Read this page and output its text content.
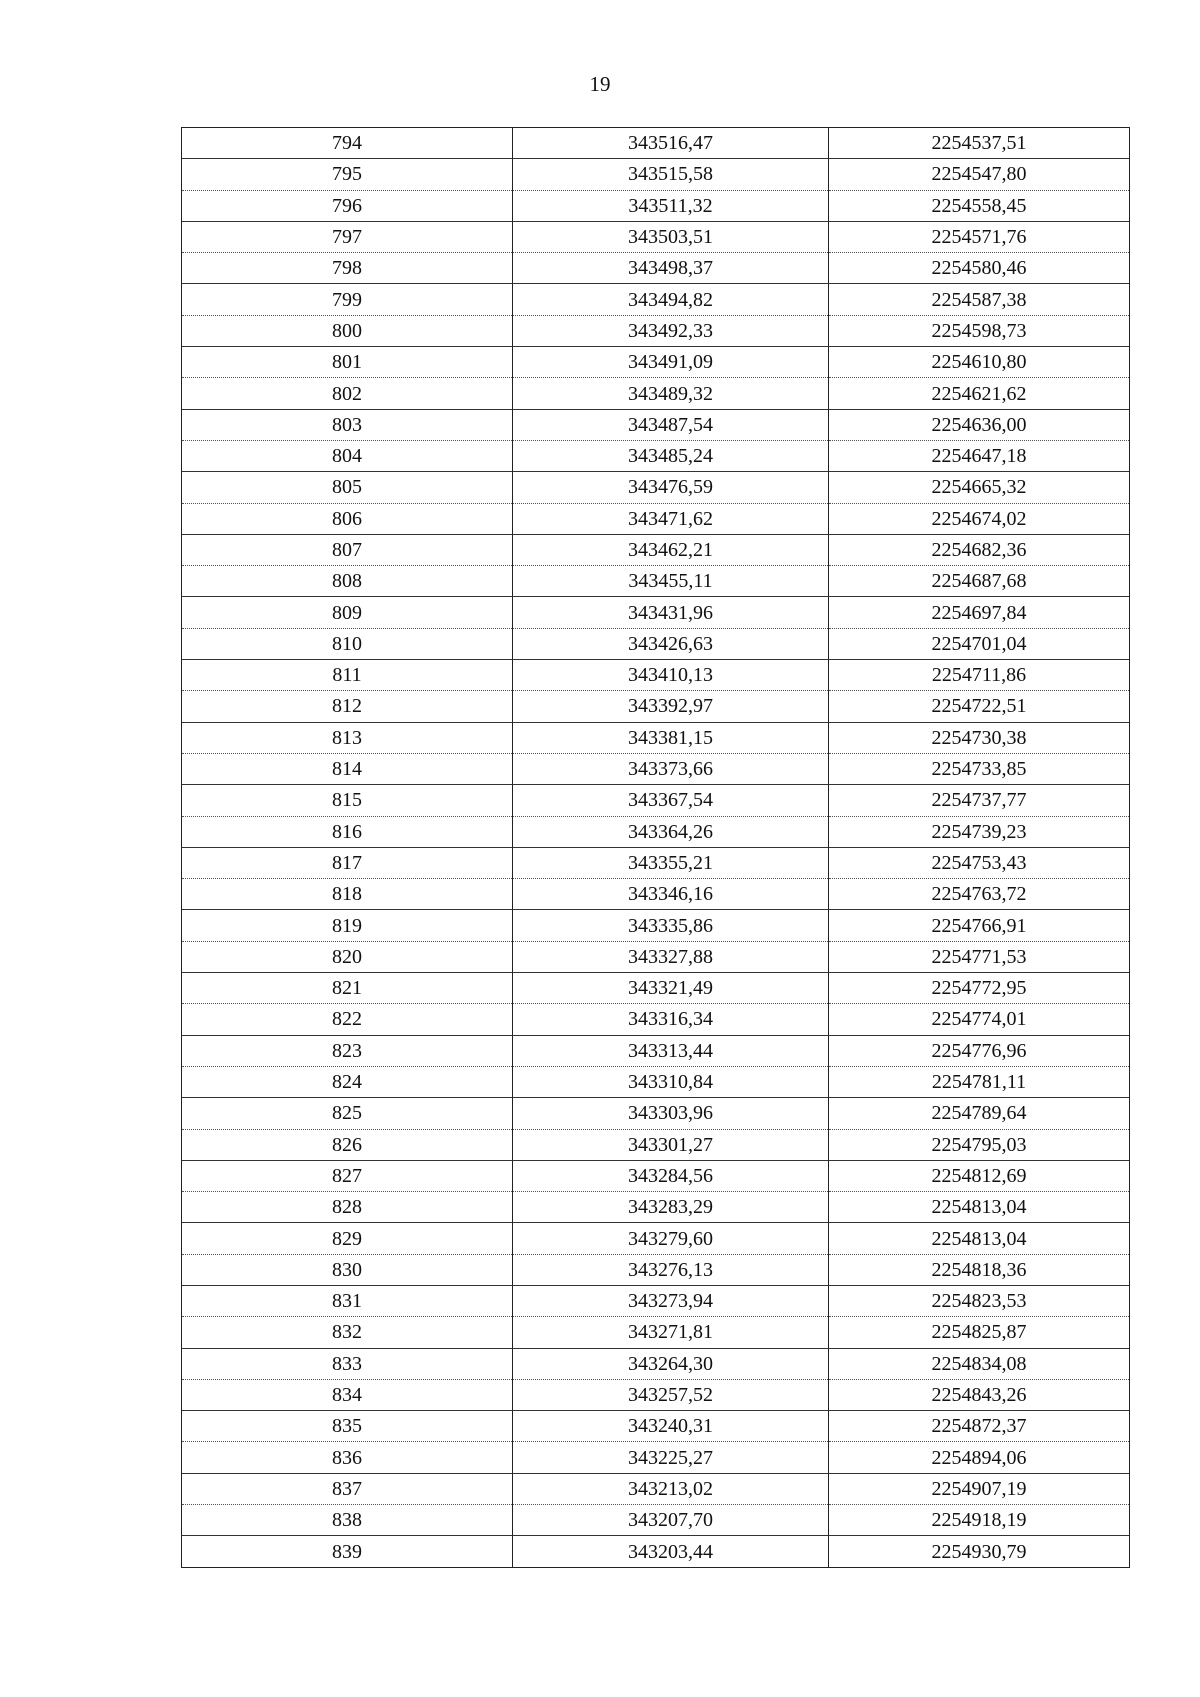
19
794	343516,47	2254537,51
795	343515,58	2254547,80
796	343511,32	2254558,45
797	343503,51	2254571,76
798	343498,37	2254580,46
799	343494,82	2254587,38
800	343492,33	2254598,73
801	343491,09	2254610,80
802	343489,32	2254621,62
803	343487,54	2254636,00
804	343485,24	2254647,18
805	343476,59	2254665,32
806	343471,62	2254674,02
807	343462,21	2254682,36
808	343455,11	2254687,68
809	343431,96	2254697,84
810	343426,63	2254701,04
811	343410,13	2254711,86
812	343392,97	2254722,51
813	343381,15	2254730,38
814	343373,66	2254733,85
815	343367,54	2254737,77
816	343364,26	2254739,23
817	343355,21	2254753,43
818	343346,16	2254763,72
819	343335,86	2254766,91
820	343327,88	2254771,53
821	343321,49	2254772,95
822	343316,34	2254774,01
823	343313,44	2254776,96
824	343310,84	2254781,11
825	343303,96	2254789,64
826	343301,27	2254795,03
827	343284,56	2254812,69
828	343283,29	2254813,04
829	343279,60	2254813,04
830	343276,13	2254818,36
831	343273,94	2254823,53
832	343271,81	2254825,87
833	343264,30	2254834,08
834	343257,52	2254843,26
835	343240,31	2254872,37
836	343225,27	2254894,06
837	343213,02	2254907,19
838	343207,70	2254918,19
839	343203,44	2254930,79
